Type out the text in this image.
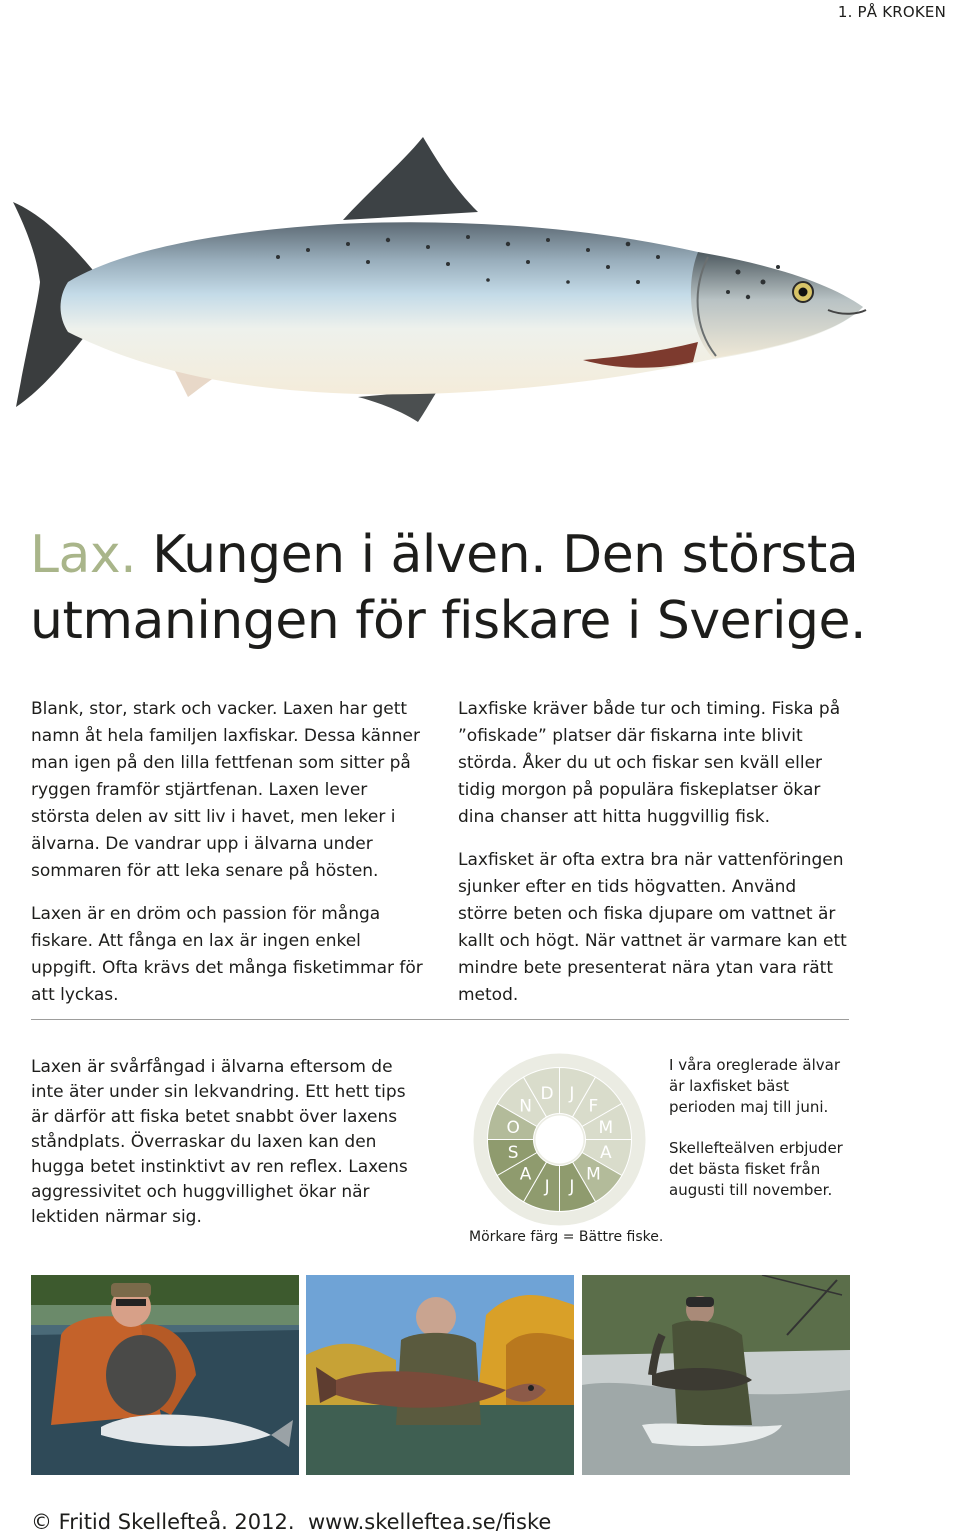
1. PÅ KROKEN
Lax. Kungen i älven. Den största
utmaningen för fiskare i Sverige.

Blank, stor, stark och vacker. Laxen har gett namn åt hela familjen laxfiskar. Dessa känner man igen på den lilla fettfenan som sitter på ryggen framför stjärtfenan. Laxen lever största delen av sitt liv i havet, men leker i älvarna. De vandrar upp i älvarna under sommaren för att leka senare på hösten.

Laxen är en dröm och passion för många fiskare. Att fånga en lax är ingen enkel uppgift. Ofta krävs det många fisketimmar för att lyckas.

Laxfiske kräver både tur och timing. Fiska på ”ofiskade” platser där fiskarna inte blivit störda. Åker du ut och fiskar sen kväll eller tidig morgon på populära fiskeplatser ökar dina chanser att hitta huggvillig fisk.

Laxfisket är ofta extra bra när vattenföringen sjunker efter en tids högvatten. Använd större beten och fiska djupare om vattnet är kallt och högt. När vattnet är varmare kan ett mindre bete presenterat nära ytan vara rätt metod.

Laxen är svårfångad i älvarna eftersom de inte äter under sin lekvandring. Ett hett tips är därför att fiska betet snabbt över laxens ståndplats. Överraskar du laxen kan den hugga betet instinktivt av ren reflex. Laxens aggressivitet och huggvillighet ökar när lektiden närmar sig.
J
F
M
A
M
J
J
A
S
O
N
D
Mörkare färg = Bättre fiske.

I våra oreglerade älvar är laxfisket bäst perioden maj till juni.

Skellefteälven erbjuder det bästa fisket från augusti till november.

© Fritid Skellefteå. 2012. www.skelleftea.se/fiske
